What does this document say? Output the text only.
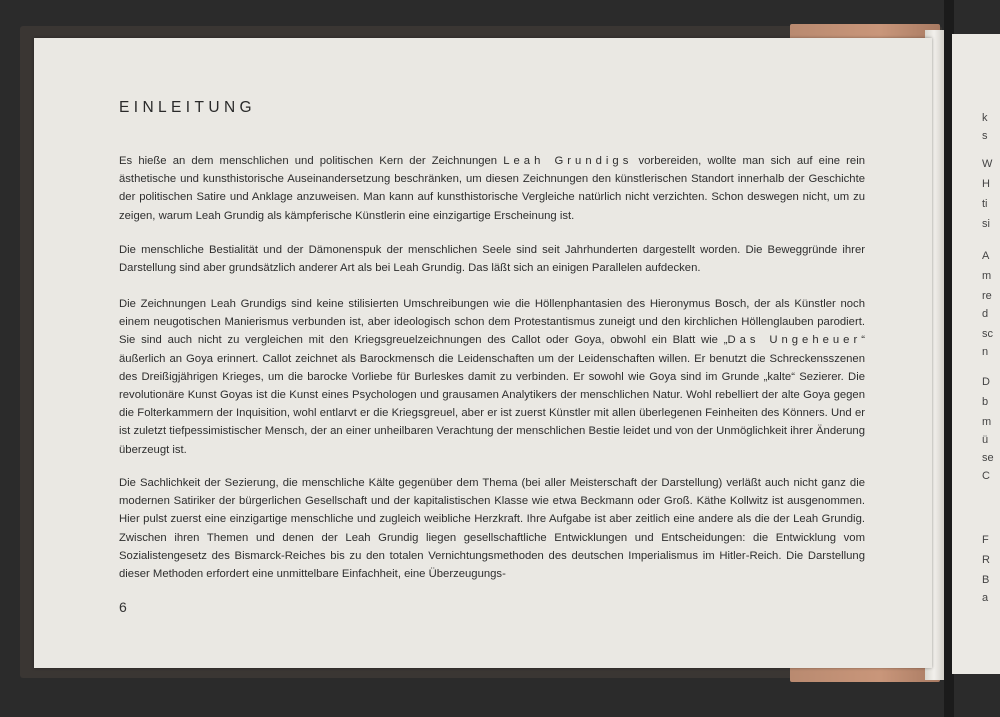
k
s
W
H
ti
si
A
m
re
d
sc
n
D
b
m
ü
se
C
F
R
B
a
EINLEITUNG

Es hieße an dem menschlichen und politischen Kern der Zeichnungen Leah Grundigs vorbereiden, wollte man sich auf eine rein ästhetische und kunsthistorische Auseinandersetzung beschränken, um diesen Zeichnungen den künstlerischen Standort innerhalb der Geschichte der politischen Satire und Anklage anzuweisen. Man kann auf kunsthistorische Vergleiche natürlich nicht verzichten. Schon deswegen nicht, um zu zeigen, warum Leah Grundig als kämpferische Künstlerin eine einzigartige Erscheinung ist.

Die menschliche Bestialität und der Dämonenspuk der menschlichen Seele sind seit Jahrhunderten dargestellt worden. Die Beweggründe ihrer Darstellung sind aber grundsätzlich anderer Art als bei Leah Grundig. Das läßt sich an einigen Parallelen aufdecken.

Die Zeichnungen Leah Grundigs sind keine stilisierten Umschreibungen wie die Höllenphantasien des Hieronymus Bosch, der als Künstler noch einem neugotischen Manierismus verbunden ist, aber ideologisch schon dem Protestantismus zuneigt und den kirchlichen Höllenglauben parodiert. Sie sind auch nicht zu vergleichen mit den Kriegsgreuelzeichnungen des Callot oder Goya, obwohl ein Blatt wie „Das Ungeheuer“ äußerlich an Goya erinnert. Callot zeichnet als Barockmensch die Leidenschaften um der Leidenschaften willen. Er benutzt die Schreckensszenen des Dreißigjährigen Krieges, um die barocke Vorliebe für Burleskes damit zu verbinden. Er sowohl wie Goya sind im Grunde „kalte“ Sezierer. Die revolutionäre Kunst Goyas ist die Kunst eines Psychologen und grausamen Analytikers der menschlichen Natur. Wohl rebelliert der alte Goya gegen die Folterkammern der Inquisition, wohl entlarvt er die Kriegsgreuel, aber er ist zuerst Künstler mit allen überlegenen Feinheiten des Könners. Und er ist zuletzt tiefpessimistischer Mensch, der an einer unheilbaren Verachtung der menschlichen Bestie leidet und von der Unmöglichkeit ihrer Änderung überzeugt ist.

Die Sachlichkeit der Sezierung, die menschliche Kälte gegenüber dem Thema (bei aller Meisterschaft der Darstellung) verläßt auch nicht ganz die modernen Satiriker der bürgerlichen Gesellschaft und der kapitalistischen Klasse wie etwa Beckmann oder Groß. Käthe Kollwitz ist ausgenommen. Hier pulst zuerst eine einzigartige menschliche und zugleich weibliche Herzkraft. Ihre Aufgabe ist aber zeitlich eine andere als die der Leah Grundig. Zwischen ihren Themen und denen der Leah Grundig liegen gesellschaftliche Entwicklungen und Entscheidungen: die Entwicklung vom Sozialistengesetz des Bismarck-Reiches bis zu den totalen Vernichtungsmethoden des deutschen Imperialismus im Hitler-Reich. Die Darstellung dieser Methoden erfordert eine unmittelbare Einfachheit, eine Überzeugungs-

6
